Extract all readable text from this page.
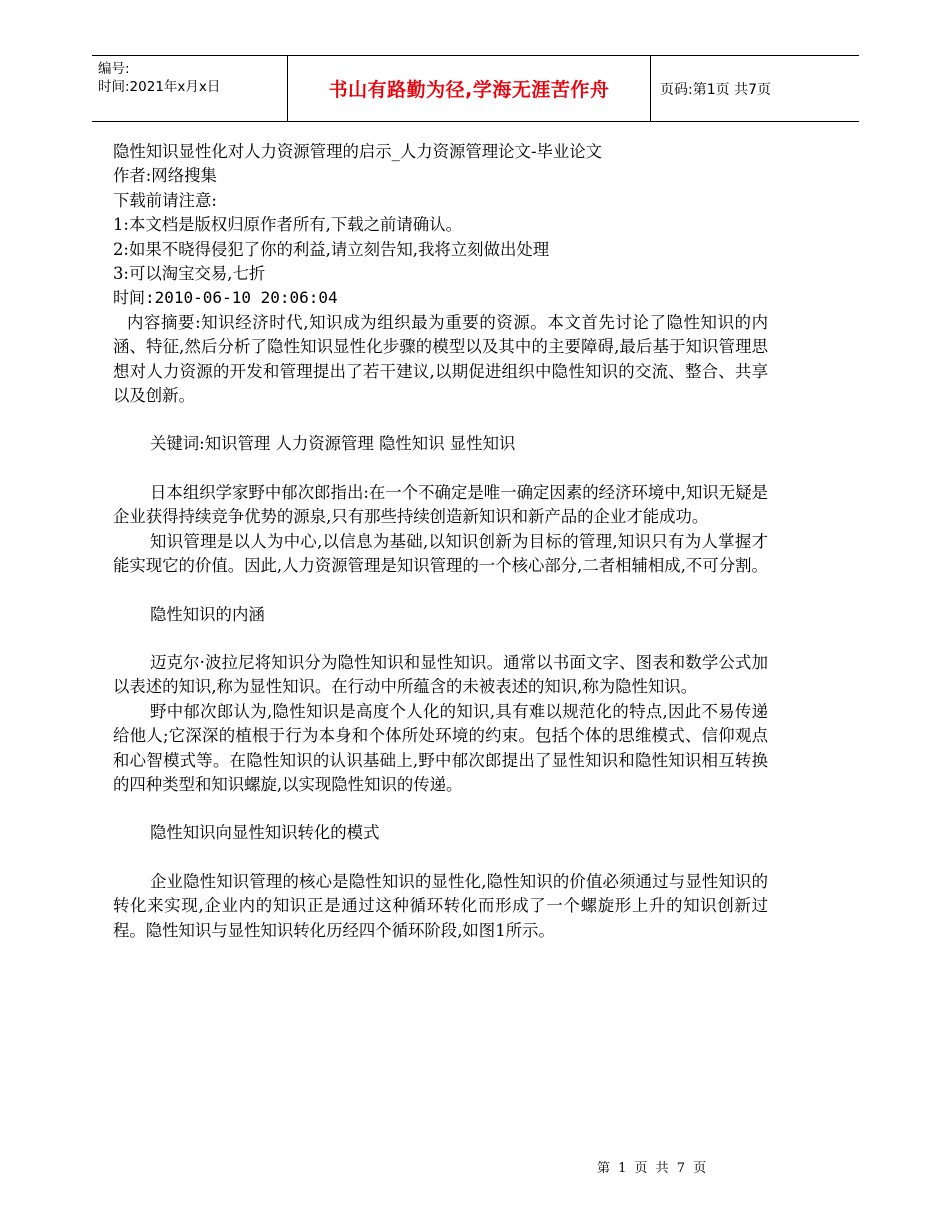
编号:
时间:2021年x月x日	书山有路勤为径,学海无涯苦作舟	页码:第1页 共7页
隐性知识显性化对人力资源管理的启示_人力资源管理论文-毕业论文
作者:网络搜集
下载前请注意:
1:本文档是版权归原作者所有,下载之前请确认。
2:如果不晓得侵犯了你的利益,请立刻告知,我将立刻做出处理
3:可以淘宝交易,七折
时间:2010-06-10 20:06:04

内容摘要:知识经济时代,知识成为组织最为重要的资源。本文首先讨论了隐性知识的内涵、特征,然后分析了隐性知识显性化步骤的模型以及其中的主要障碍,最后基于知识管理思想对人力资源的开发和管理提出了若干建议,以期促进组织中隐性知识的交流、整合、共享以及创新。

关键词:知识管理 人力资源管理 隐性知识 显性知识

日本组织学家野中郁次郎指出:在一个不确定是唯一确定因素的经济环境中,知识无疑是企业获得持续竞争优势的源泉,只有那些持续创造新知识和新产品的企业才能成功。

知识管理是以人为中心,以信息为基础,以知识创新为目标的管理,知识只有为人掌握才能实现它的价值。因此,人力资源管理是知识管理的一个核心部分,二者相辅相成,不可分割。

隐性知识的内涵

迈克尔·波拉尼将知识分为隐性知识和显性知识。通常以书面文字、图表和数学公式加以表述的知识,称为显性知识。在行动中所蕴含的未被表述的知识,称为隐性知识。

野中郁次郎认为,隐性知识是高度个人化的知识,具有难以规范化的特点,因此不易传递给他人;它深深的植根于行为本身和个体所处环境的约束。包括个体的思维模式、信仰观点和心智模式等。在隐性知识的认识基础上,野中郁次郎提出了显性知识和隐性知识相互转换的四种类型和知识螺旋,以实现隐性知识的传递。

隐性知识向显性知识转化的模式

企业隐性知识管理的核心是隐性知识的显性化,隐性知识的价值必须通过与显性知识的转化来实现,企业内的知识正是通过这种循环转化而形成了一个螺旋形上升的知识创新过程。隐性知识与显性知识转化历经四个循环阶段,如图1所示。

第 1 页 共 7 页
